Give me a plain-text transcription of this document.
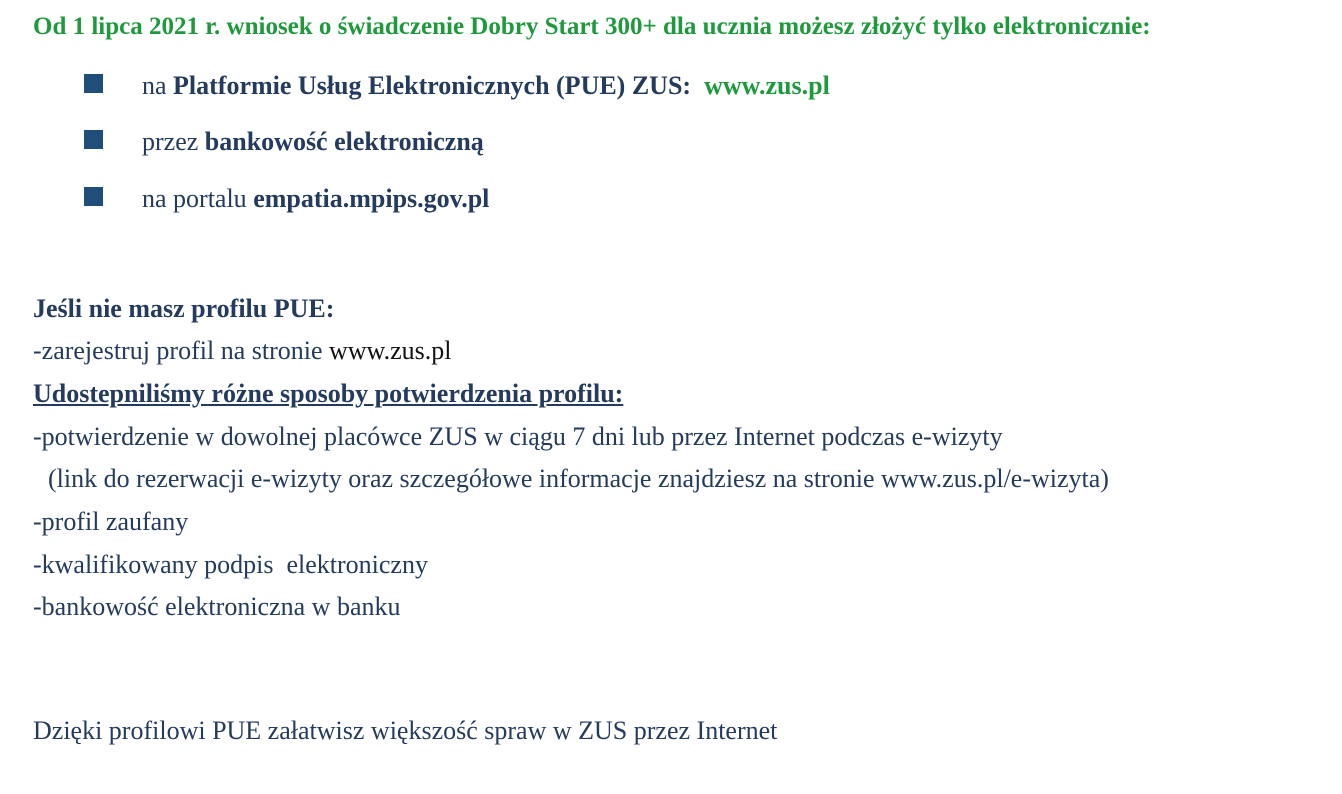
Od 1 lipca 2021 r. wniosek o świadczenie Dobry Start 300+ dla ucznia możesz złożyć tylko elektronicznie:
na Platformie Usług Elektronicznych (PUE) ZUS: www.zus.pl
przez bankowość elektroniczną
na portalu empatia.mpips.gov.pl
Jeśli nie masz profilu PUE:
-zarejestruj profil na stronie www.zus.pl
Udostepniliśmy różne sposoby potwierdzenia profilu:
-potwierdzenie w dowolnej placówce ZUS w ciągu 7 dni lub przez Internet podczas e-wizyty
(link do rezerwacji e-wizyty oraz szczegółowe informacje znajdziesz na stronie www.zus.pl/e-wizyta)
-profil zaufany
-kwalifikowany podpis  elektroniczny
-bankowość elektroniczna w banku
Dzięki profilowi PUE załatwisz większość spraw w ZUS przez Internet
